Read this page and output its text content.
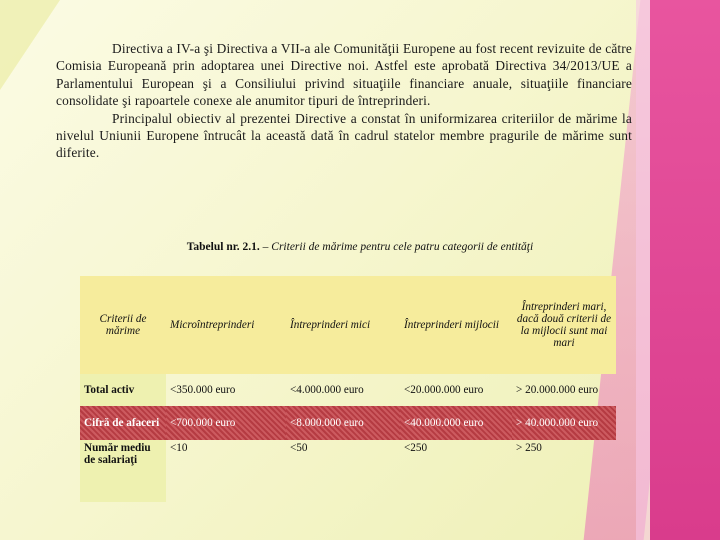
Directiva a IV-a şi Directiva a VII-a ale Comunităţii Europene au fost recent revizuite de către Comisia Europeană prin adoptarea unei Directive noi. Astfel este aprobată Directiva 34/2013/UE a Parlamentului European şi a Consiliului privind situaţiile financiare anuale, situaţiile financiare consolidate şi rapoartele conexe ale anumitor tipuri de întreprinderi.

Principalul obiectiv al prezentei Directive a constat în uniformizarea criteriilor de mărime la nivelul Uniunii Europene întrucât la această dată în cadrul statelor membre pragurile de mărime sunt diferite.

Tabelul nr. 2.1. – Criterii de mărime pentru cele patru categorii de entităţi
Criterii de mărime	Microîntreprinderi	Întreprinderi mici	Întreprinderi mijlocii	Întreprinderi mari, dacă două criterii de la mijlocii sunt mai mari
Total activ	<350.000 euro	<4.000.000 euro	<20.000.000 euro	> 20.000.000 euro
Cifră de afaceri	<700.000 euro	<8.000.000 euro	<40.000.000 euro	> 40.000.000 euro
Număr mediu de salariaţi	<10	<50	<250	> 250
